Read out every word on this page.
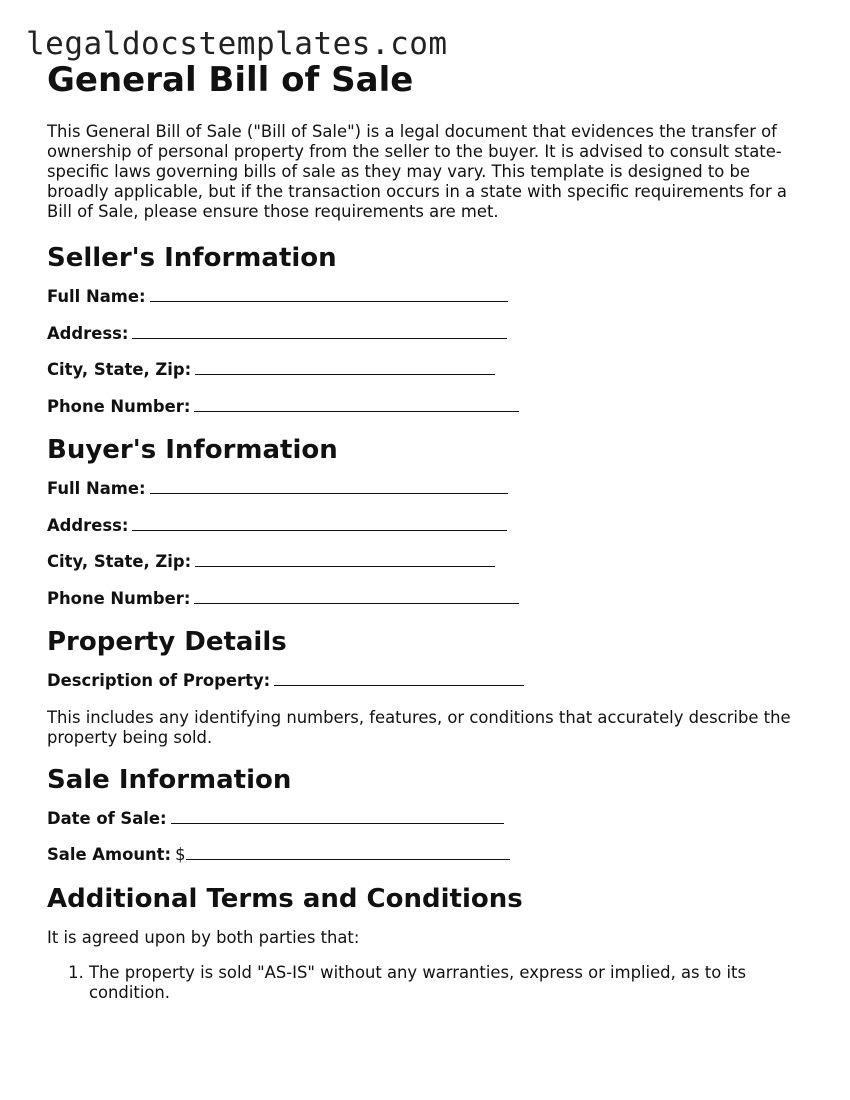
legaldocstemplates.com
General Bill of Sale

This General Bill of Sale ("Bill of Sale") is a legal document that evidences the transfer of ownership of personal property from the seller to the buyer. It is advised to consult state-specific laws governing bills of sale as they may vary. This template is designed to be broadly applicable, but if the transaction occurs in a state with specific requirements for a Bill of Sale, please ensure those requirements are met.

Seller's Information
Full Name:
Address:
City, State, Zip:
Phone Number:
Buyer's Information
Full Name:
Address:
City, State, Zip:
Phone Number:
Property Details
Description of Property:

This includes any identifying numbers, features, or conditions that accurately describe the property being sold.

Sale Information
Date of Sale:
Sale Amount: $
Additional Terms and Conditions

It is agreed upon by both parties that:

1. The property is sold "AS-IS" without any warranties, express or implied, as to its condition.
